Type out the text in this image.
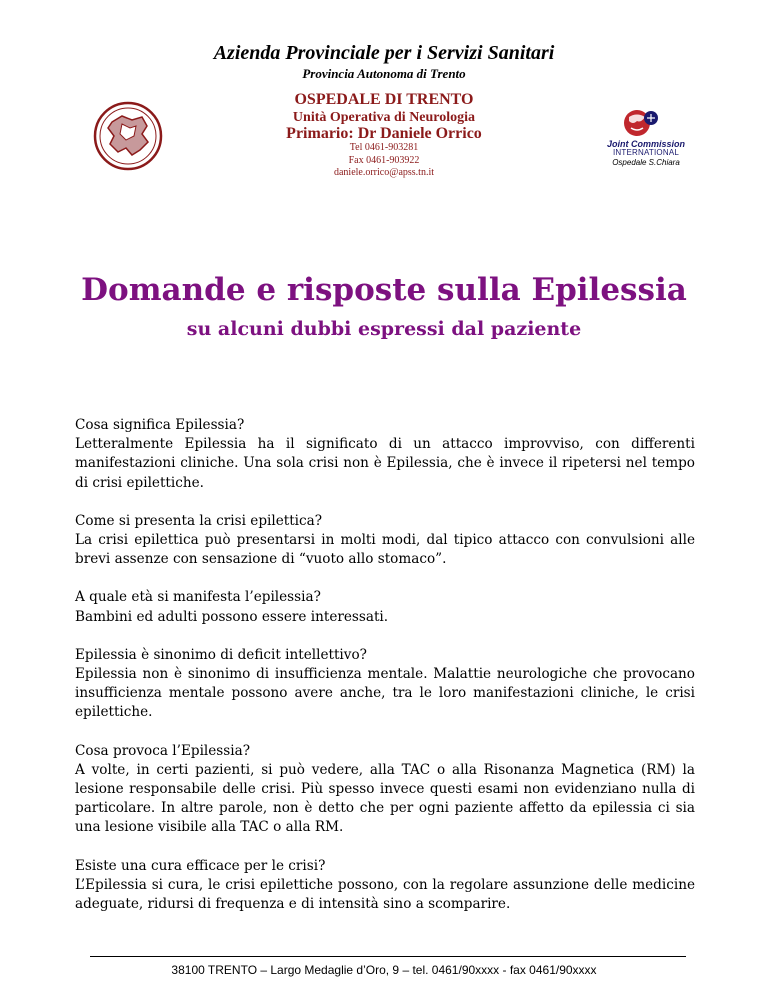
Azienda Provinciale per i Servizi Sanitari
Provincia Autonoma di Trento
OSPEDALE DI TRENTO
Unità Operativa di Neurologia
Primario: Dr Daniele Orrico
Tel 0461-903281
Fax 0461-903922
daniele.orrico@apss.tn.it
Joint Commission
INTERNATIONAL
Ospedale S.Chiara
Domande e risposte sulla Epilessia
su alcuni dubbi espressi dal paziente

Cosa significa Epilessia?

Letteralmente Epilessia ha il significato di un attacco improvviso, con differenti manifestazioni cliniche. Una sola crisi non è Epilessia, che è invece il ripetersi nel tempo di crisi epilettiche.

Come si presenta la crisi epilettica?

La crisi epilettica può presentarsi in molti modi, dal tipico attacco con convulsioni alle brevi assenze con sensazione di “vuoto allo stomaco”.

A quale età si manifesta l’epilessia?

Bambini ed adulti possono essere interessati.

Epilessia è sinonimo di deficit intellettivo?

Epilessia non è sinonimo di insufficienza mentale. Malattie neurologiche che provocano insufficienza mentale possono avere anche, tra le loro manifestazioni cliniche, le crisi epilettiche.

Cosa provoca l’Epilessia?

A volte, in certi pazienti, si può vedere, alla TAC o alla Risonanza Magnetica (RM) la lesione responsabile delle crisi. Più spesso invece questi esami non evidenziano nulla di particolare. In altre parole, non è detto che per ogni paziente affetto da epilessia ci sia una lesione visibile alla TAC o alla RM.

Esiste una cura efficace per le crisi?

L’Epilessia si cura, le crisi epilettiche possono, con la regolare assunzione delle medicine adeguate, ridursi di frequenza e di intensità sino a scomparire.

38100 TRENTO – Largo Medaglie d’Oro, 9 – tel. 0461/90xxxx - fax 0461/90xxxx
